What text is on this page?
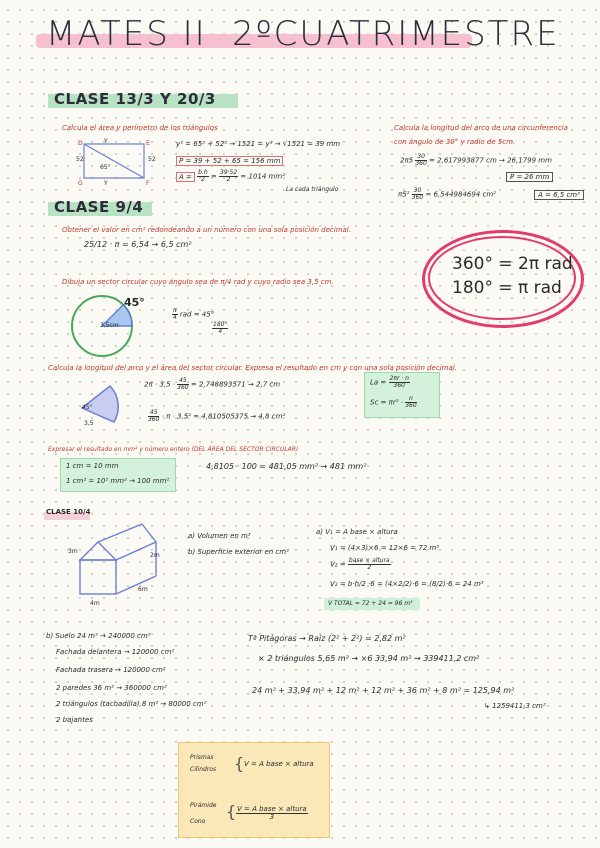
MATES II 2ºCUATRIMESTRE
CLASE 13/3 Y 20/3
Calcula el área y perímetro de los triángulos
Y
52	52
Y
65°
D	E
G	F
y² = 65² + 52² → 1521 = y² → √1521 = 39 mm
P = 39 + 52 + 65 = 156 mm
$A = \frac{b.h}{2} = \frac{39\cdot 52}{2} = 1014$ mm²
La cada triángulo
Calcula la longitud del arco de una circunferencia
con ángulo de 30° y radio de 5cm.
$2\pi 5 \frac{30}{360} = 2,617993877$ cm → 26,1799 mm
P = 26 mm
$\pi 5^2 \frac{30}{360} = 6,544984694$ cm²	A = 6,5 cm²
360° = 2π rad
180° = π rad
CLASE 9/4
Obtener el valor en cm² redondeando a un número con una sola posición decimal.
25/12 · π = 6,54 → 6,5 cm²
Dibuja un sector circular cuyo ángulo sea de π/4 rad y cuyo radio sea 3,5 cm.
45°
3,5cm
$\frac{\pi}{4}$ rad = 45°
$\frac{180^\circ}{4}$
Calcula la longitud del arco y el área del sector circular. Expresa el resultado en cm y con una sola posición decimal.
45°
3,5
$2\pi \cdot 3,5 \cdot \frac{45}{360} = 2,748893571 \to 2,7$ cm
$\frac{45}{360} \cdot \pi \cdot 3,5^2 = 4,810505375 \to 4,8$ cm²
$La = \frac{2\pi r \cdot n}{360}$
$Sc = \pi r^2 \cdot \frac{n}{360}$
Expresar el resultado en mm² y número entero (DEL ÁREA DEL SECTOR CIRCULAR)
1 cm = 10 mm
1 cm² = 10² mm² → 100 mm²
4,8105 · 100 = 481,05 mm² → 481 mm²
CLASE 10/4
3m
4m
6m
2m
a) Volumen en m³
b) Superficie exterior en cm²
a) V₁ = A base × altura
V₁ = (4×3)×6 = 12×6 = 72 m³
$V_2 = \frac{\text{base × altura}}{2}$
V₂ = b·h/2 ·6 = (4×2/2)·6 = (8/2)·6 = 24 m³
V TOTAL = 72 + 24 = 96 m³
Tª Pitágoras → Raíz (2² + 2²) = 2,82 m²
× 2 triángulos 5,65 m² → ×6 33,94 m² → 339411,2 cm²
b) Suelo 24 m² → 240000 cm²
Fachada delantera → 120000 cm²
Fachada trasera → 120000 cm²
2 paredes 36 m² → 360000 cm²
2 triángulos (tachadilla) 8 m² → 80000 cm²
2 bajantes
24 m² + 33,94 m² + 12 m² + 12 m² + 36 m² + 8 m² = 125,94 m²
↳ 1259411,3 cm²
Prismas
Cilindros { V = A base × altura
Pirámide
Cono
{ $\frac{\text{V = A base × altura}}{3}$
